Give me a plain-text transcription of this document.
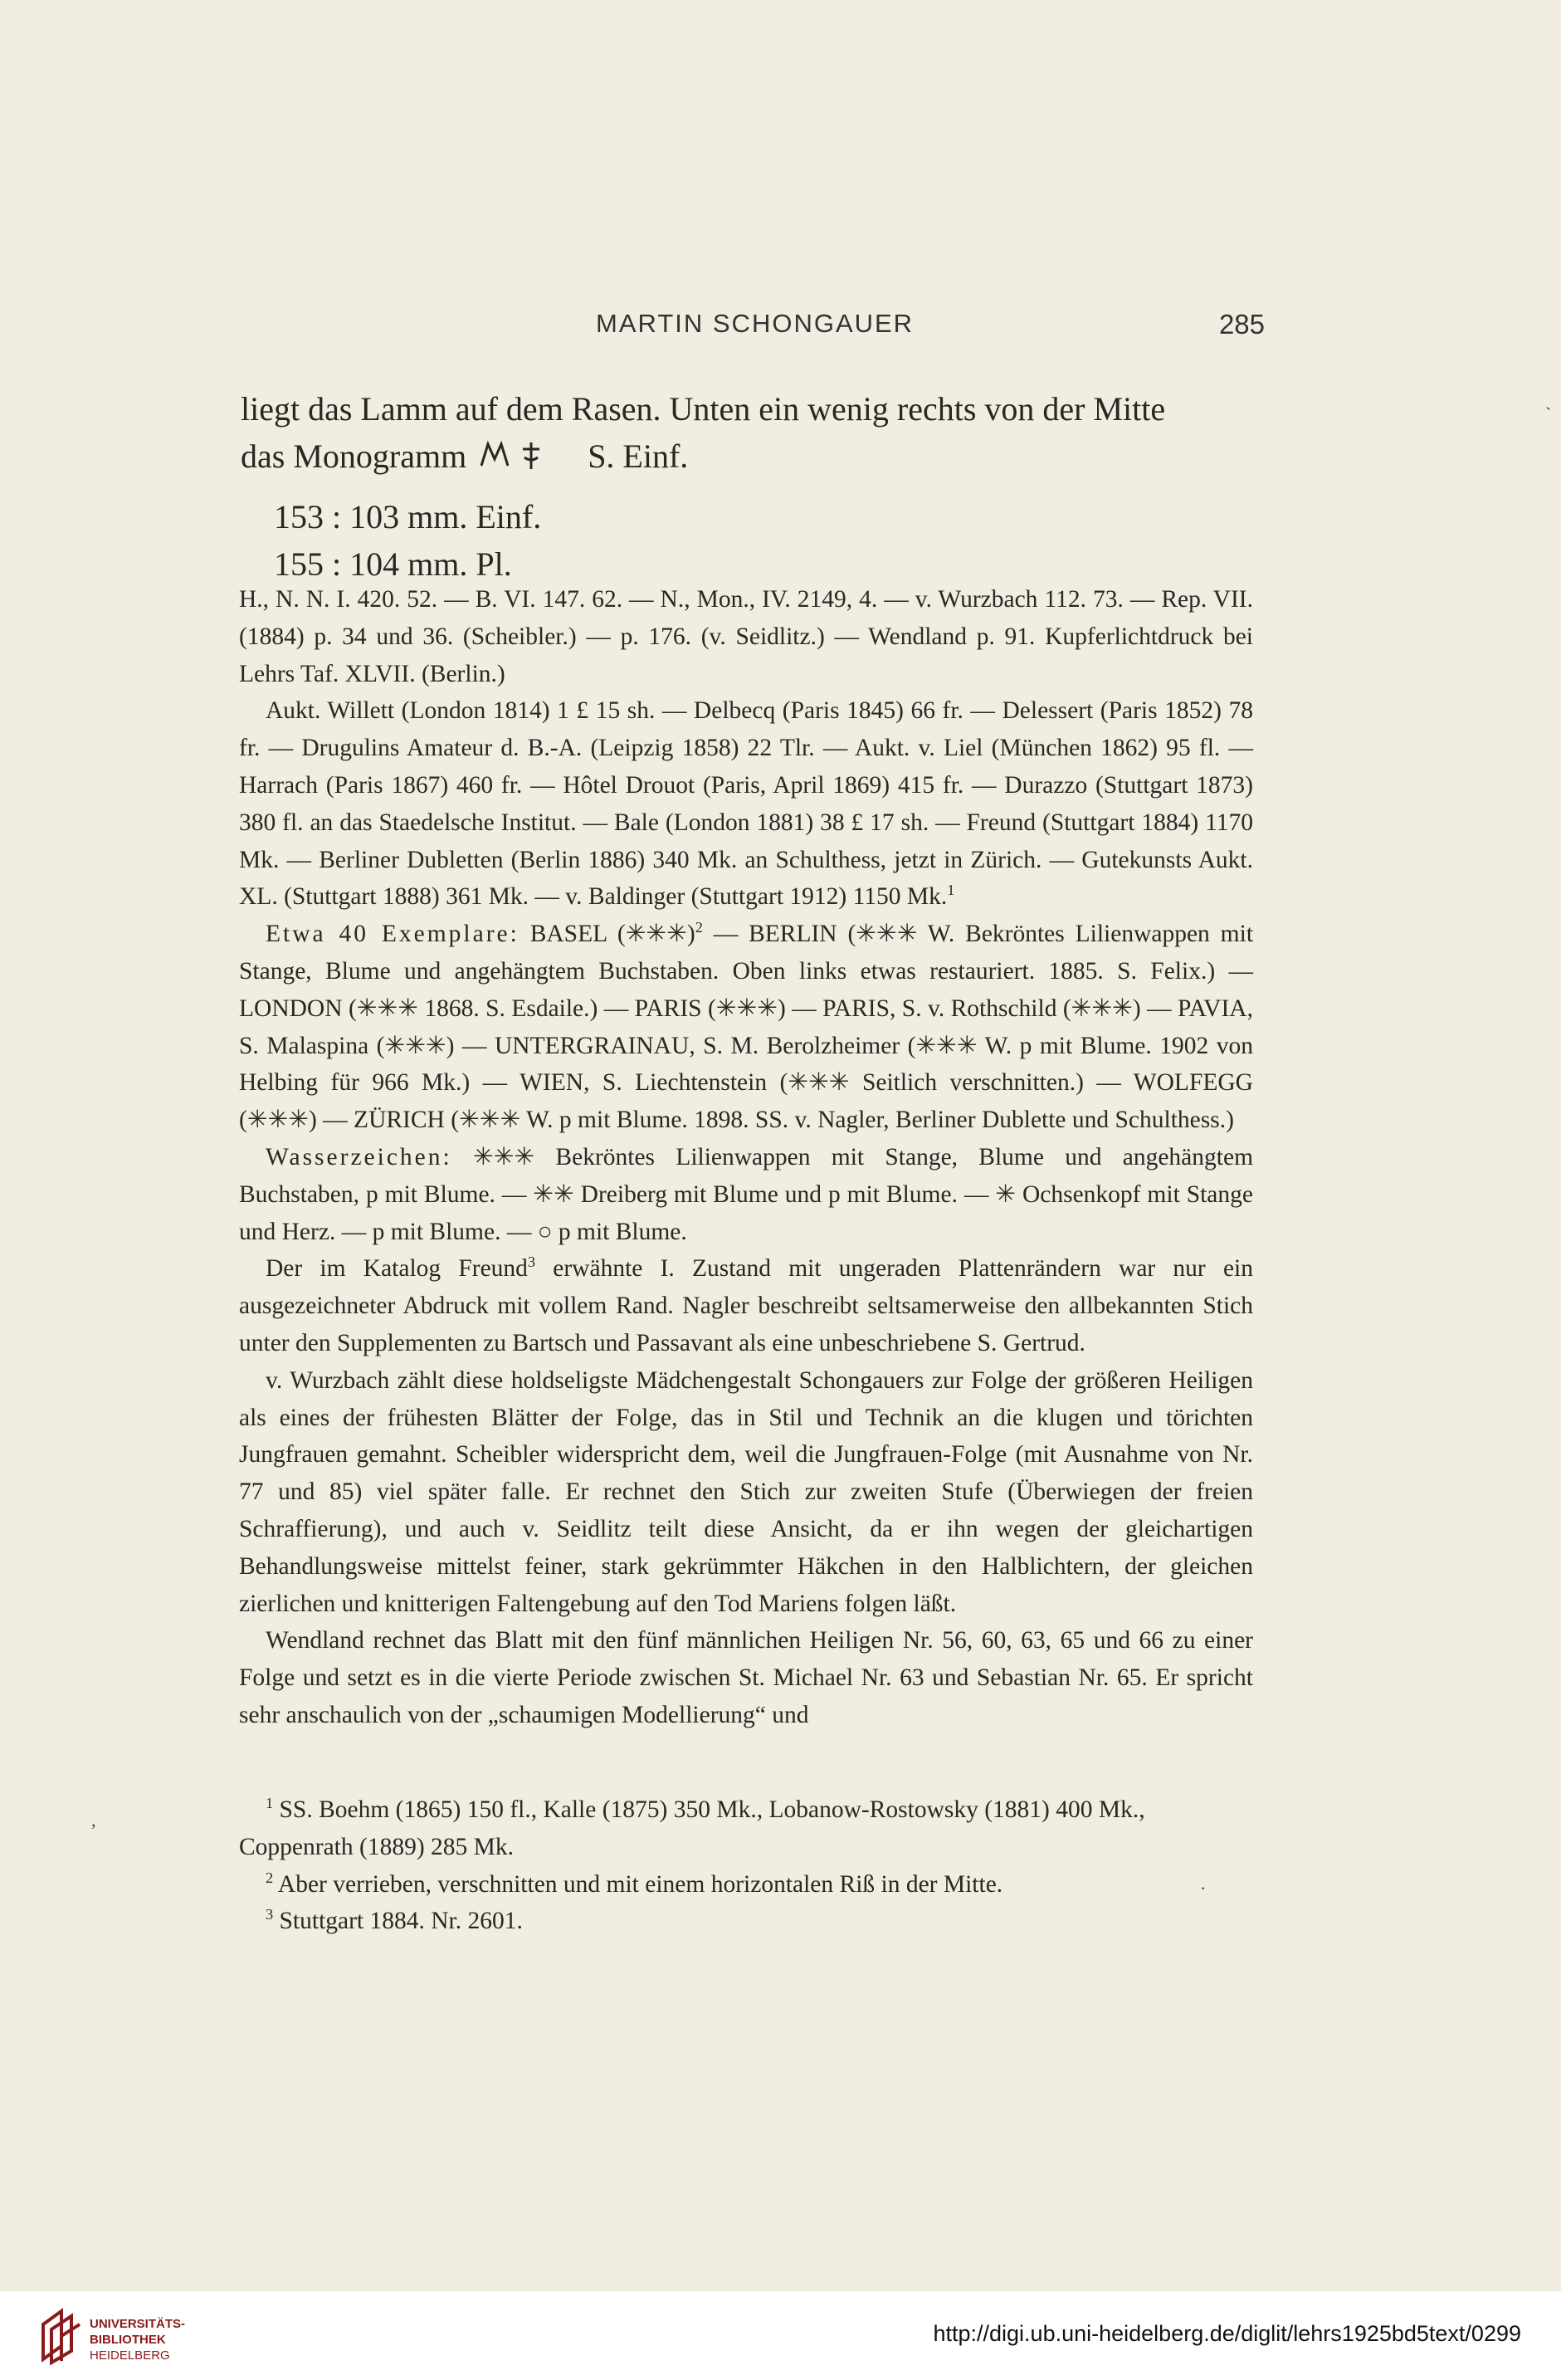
MARTIN SCHONGAUER	285

liegt das Lamm auf dem Rasen. Unten ein wenig rechts von der Mitte

das Monogramm	S. Einf.

153 : 103 mm. Einf.

155 : 104 mm. Pl.

H., N. N. I. 420. 52. — B. VI. 147. 62. — N., Mon., IV. 2149, 4. — v. Wurzbach 112. 73. — Rep. VII. (1884) p. 34 und 36. (Scheibler.) — p. 176. (v. Seidlitz.) — Wendland p. 91. Kupferlichtdruck bei Lehrs Taf. XLVII. (Berlin.)

Aukt. Willett (London 1814) 1 £ 15 sh. — Delbecq (Paris 1845) 66 fr. — Delessert (Paris 1852) 78 fr. — Drugulins Amateur d. B.-A. (Leipzig 1858) 22 Tlr. — Aukt. v. Liel (München 1862) 95 fl. — Harrach (Paris 1867) 460 fr. — Hôtel Drouot (Paris, April 1869) 415 fr. — Durazzo (Stuttgart 1873) 380 fl. an das Staedelsche Institut. — Bale (London 1881) 38 £ 17 sh. — Freund (Stuttgart 1884) 1170 Mk. — Berliner Dubletten (Berlin 1886) 340 Mk. an Schulthess, jetzt in Zürich. — Gutekunsts Aukt. XL. (Stuttgart 1888) 361 Mk. — v. Baldinger (Stuttgart 1912) 1150 Mk.$^1$

Etwa 40 Exemplare: BASEL (✳✳✳)$^2$ — BERLIN (✳✳✳ W. Bekröntes Lilienwappen mit Stange, Blume und angehängtem Buchstaben. Oben links etwas restauriert. 1885. S. Felix.) — LONDON (✳✳✳ 1868. S. Esdaile.) — PARIS (✳✳✳) — PARIS, S. v. Rothschild (✳✳✳) — PAVIA, S. Malaspina (✳✳✳) — UNTERGRAINAU, S. M. Berolzheimer (✳✳✳ W. p mit Blume. 1902 von Helbing für 966 Mk.) — WIEN, S. Liechtenstein (✳✳✳ Seitlich verschnitten.) — WOLFEGG (✳✳✳) — ZÜRICH (✳✳✳ W. p mit Blume. 1898. SS. v. Nagler, Berliner Dublette und Schulthess.)

Wasserzeichen: ✳✳✳ Bekröntes Lilienwappen mit Stange, Blume und angehängtem Buchstaben, p mit Blume. — ✳✳ Dreiberg mit Blume und p mit Blume. — ✳ Ochsenkopf mit Stange und Herz. — p mit Blume. — ○ p mit Blume.

Der im Katalog Freund$^3$ erwähnte I. Zustand mit ungeraden Plattenrändern war nur ein ausgezeichneter Abdruck mit vollem Rand. Nagler beschreibt seltsamerweise den allbekannten Stich unter den Supplementen zu Bartsch und Passavant als eine unbeschriebene S. Gertrud.

v. Wurzbach zählt diese holdseligste Mädchengestalt Schongauers zur Folge der größeren Heiligen als eines der frühesten Blätter der Folge, das in Stil und Technik an die klugen und törichten Jungfrauen gemahnt. Scheibler widerspricht dem, weil die Jungfrauen-Folge (mit Ausnahme von Nr. 77 und 85) viel später falle. Er rechnet den Stich zur zweiten Stufe (Überwiegen der freien Schraffierung), und auch v. Seidlitz teilt diese Ansicht, da er ihn wegen der gleichartigen Behandlungsweise mittelst feiner, stark gekrümmter Häkchen in den Halblichtern, der gleichen zierlichen und knitterigen Faltengebung auf den Tod Mariens folgen läßt.

Wendland rechnet das Blatt mit den fünf männlichen Heiligen Nr. 56, 60, 63, 65 und 66 zu einer Folge und setzt es in die vierte Periode zwischen St. Michael Nr. 63 und Sebastian Nr. 65. Er spricht sehr anschaulich von der „schaumigen Modellierung“ und

$^1$ SS. Boehm (1865) 150 fl., Kalle (1875) 350 Mk., Lobanow-Rostowsky (1881) 400 Mk., Coppenrath (1889) 285 Mk.

$^2$ Aber verrieben, verschnitten und mit einem horizontalen Riß in der Mitte.

$^3$ Stuttgart 1884. Nr. 2601.

`
,
·
UNIVERSITÄTS-
BIBLIOTHEK
HEIDELBERG
http://digi.ub.uni-heidelberg.de/diglit/lehrs1925bd5text/0299
